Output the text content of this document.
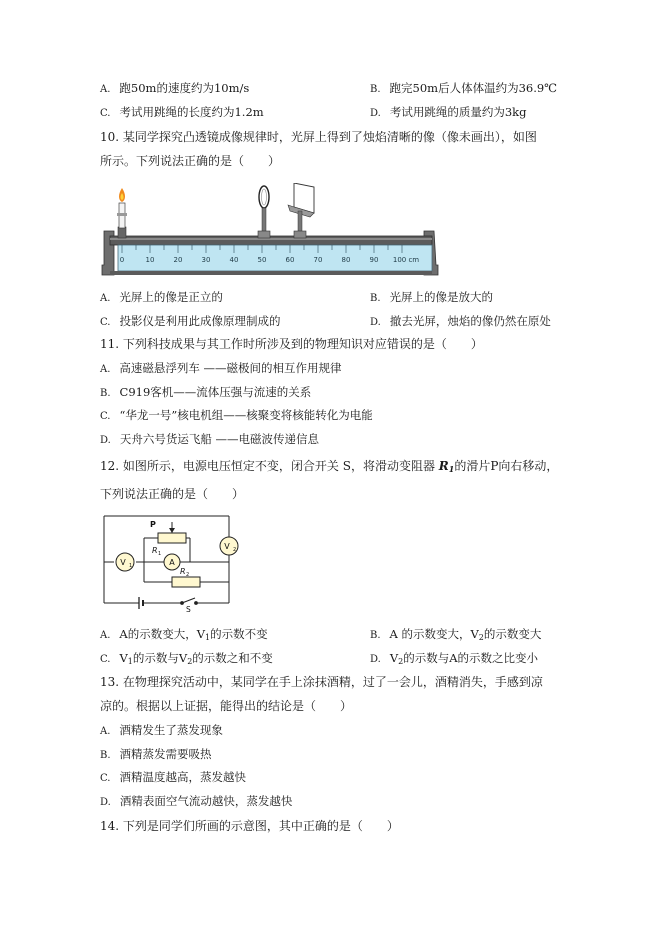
A. 跑50m的速度约为10m/s	B. 跑完50m后人体体温约为36.9℃
C. 考试用跳绳的长度约为1.2m	D. 考试用跳绳的质量约为3kg
10. 某同学探究凸透镜成像规律时，光屏上得到了烛焰清晰的像（像未画出），如图
所示。下列说法正确的是（　　）
0	10	20	30	40	50	60	70	80	90 100 cm
A. 光屏上的像是正立的	B. 光屏上的像是放大的
C. 投影仪是利用此成像原理制成的	D. 撤去光屏，烛焰的像仍然在原处
11. 下列科技成果与其工作时所涉及到的物理知识对应错误的是（　　）
A. 高速磁悬浮列车 ——磁极间的相互作用规律
B. C919客机——流体压强与流速的关系
C. “华龙一号”核电机组——核聚变将核能转化为电能
D. 天舟六号货运飞船 ——电磁波传递信息
12. 如图所示，电源电压恒定不变，闭合开关 S，将滑动变阻器 $R_1$的滑片P向右移动，
下列说法正确的是（　　）
P
R 1
R 2
A
V 1
V 2
S
A. A的示数变大，$V_1$的示数不变	B. A 的示数变大，$V_2$的示数变大
C. $V_1$的示数与$V_2$的示数之和不变	D. $V_2$的示数与A的示数之比变小
13. 在物理探究活动中，某同学在手上涂抹酒精，过了一会儿，酒精消失，手感到凉
凉的。根据以上证据，能得出的结论是（　　）
A. 酒精发生了蒸发现象
B. 酒精蒸发需要吸热
C. 酒精温度越高，蒸发越快
D. 酒精表面空气流动越快，蒸发越快
14. 下列是同学们所画的示意图，其中正确的是（　　）
